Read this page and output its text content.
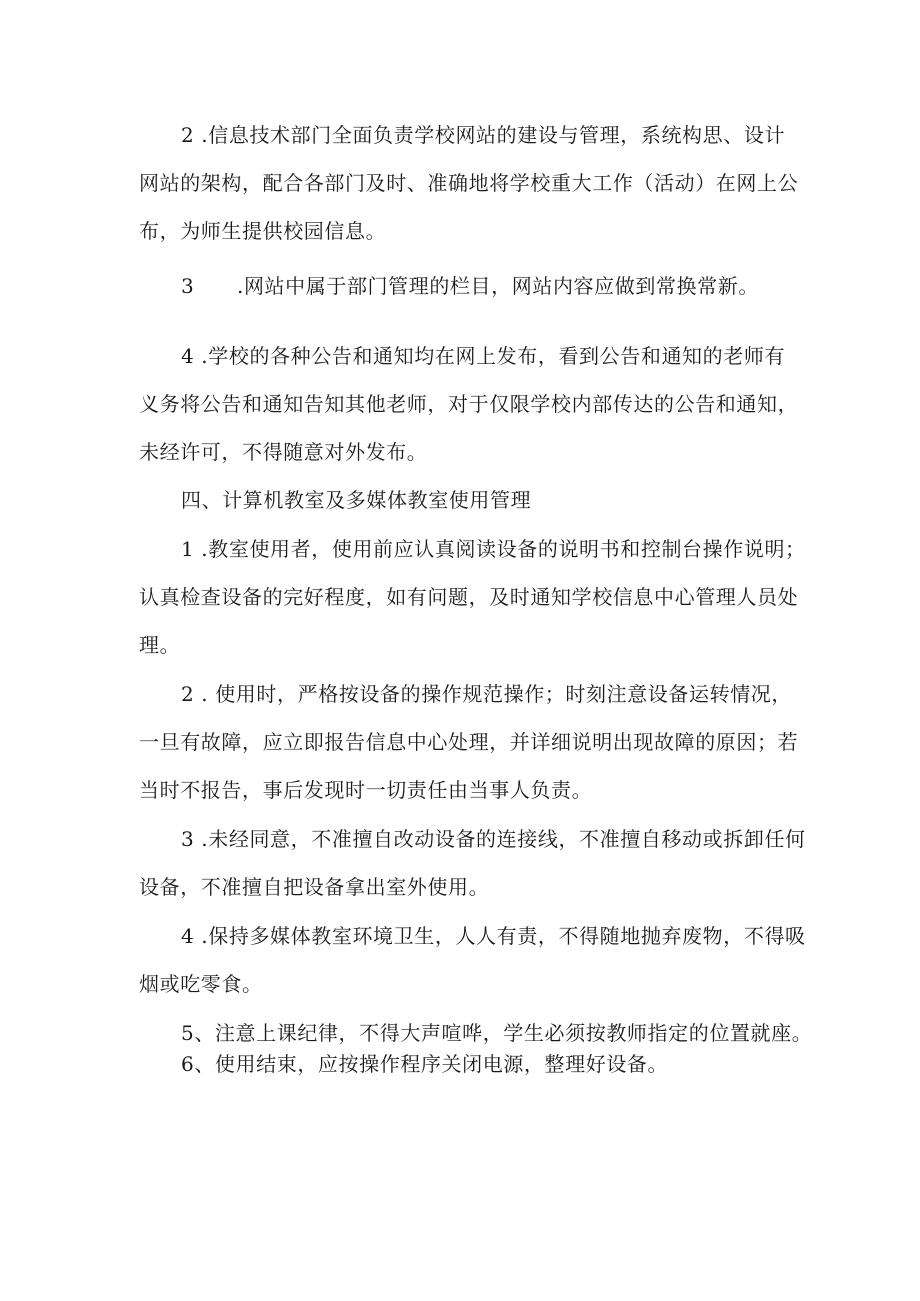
2 .信息技术部门全面负责学校网站的建设与管理，系统构思、设计
网站的架构，配合各部门及时、准确地将学校重大工作（活动）在网上公
布，为师生提供校园信息。
3 .网站中属于部门管理的栏目，网站内容应做到常换常新。
4 .学校的各种公告和通知均在网上发布，看到公告和通知的老师有
义务将公告和通知告知其他老师，对于仅限学校内部传达的公告和通知，
未经许可，不得随意对外发布。
四、计算机教室及多媒体教室使用管理
1 .教室使用者，使用前应认真阅读设备的说明书和控制台操作说明；
认真检查设备的完好程度，如有问题，及时通知学校信息中心管理人员处
理。
2 . 使用时，严格按设备的操作规范操作；时刻注意设备运转情况，
一旦有故障，应立即报告信息中心处理，并详细说明出现故障的原因；若
当时不报告，事后发现时一切责任由当事人负责。
3 .未经同意，不准擅自改动设备的连接线，不准擅自移动或拆卸任何
设备，不准擅自把设备拿出室外使用。
4 .保持多媒体教室环境卫生，人人有责，不得随地抛弃废物，不得吸
烟或吃零食。
5、注意上课纪律，不得大声喧哗，学生必须按教师指定的位置就座。
6、使用结束，应按操作程序关闭电源，整理好设备。
